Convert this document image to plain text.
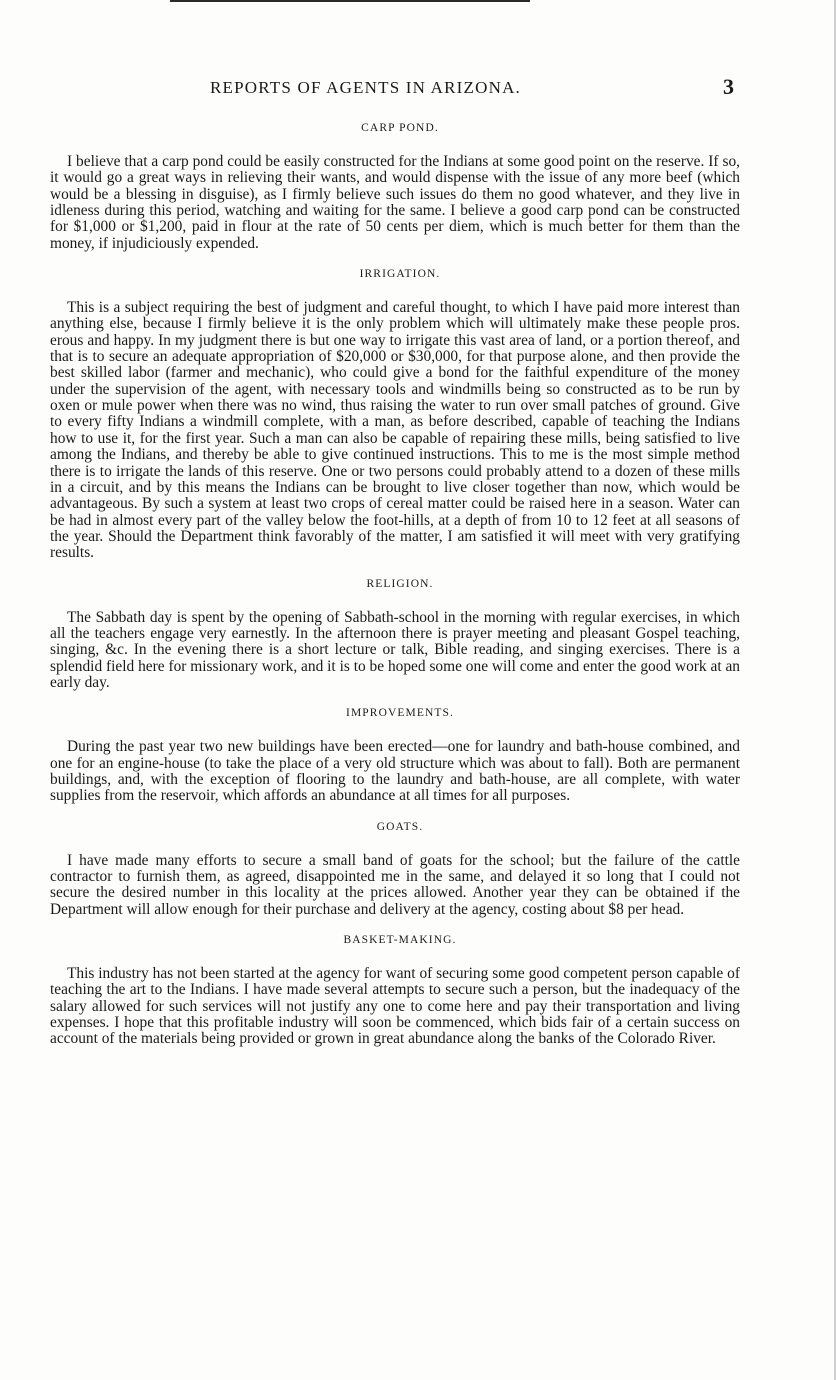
REPORTS OF AGENTS IN ARIZONA.	3
CARP POND.

I believe that a carp pond could be easily constructed for the Indians at some good point on the reserve. If so, it would go a great ways in relieving their wants, and would dispense with the issue of any more beef (which would be a blessing in disguise), as I firmly believe such issues do them no good whatever, and they live in idleness during this period, watching and waiting for the same. I believe a good carp pond can be constructed for $1,000 or $1,200, paid in flour at the rate of 50 cents per diem, which is much better for them than the money, if injudiciously expended.

IRRIGATION.

This is a subject requiring the best of judgment and careful thought, to which I have paid more interest than anything else, because I firmly believe it is the only problem which will ultimately make these people pros. erous and happy. In my judgment there is but one way to irrigate this vast area of land, or a portion thereof, and that is to secure an adequate appropriation of $20,000 or $30,000, for that purpose alone, and then provide the best skilled labor (farmer and mechanic), who could give a bond for the faithful expenditure of the money under the supervision of the agent, with necessary tools and windmills being so constructed as to be run by oxen or mule power when there was no wind, thus raising the water to run over small patches of ground. Give to every fifty Indians a windmill complete, with a man, as before described, capable of teaching the Indians how to use it, for the first year. Such a man can also be capable of repairing these mills, being satisfied to live among the Indians, and thereby be able to give continued instructions. This to me is the most simple method there is to irrigate the lands of this reserve. One or two persons could probably attend to a dozen of these mills in a circuit, and by this means the Indians can be brought to live closer together than now, which would be advantageous. By such a system at least two crops of cereal matter could be raised here in a season. Water can be had in almost every part of the valley below the foot-hills, at a depth of from 10 to 12 feet at all seasons of the year. Should the Department think favorably of the matter, I am satisfied it will meet with very gratifying results.

RELIGION.

The Sabbath day is spent by the opening of Sabbath-school in the morning with regular exercises, in which all the teachers engage very earnestly. In the afternoon there is prayer meeting and pleasant Gospel teaching, singing, &c. In the evening there is a short lecture or talk, Bible reading, and singing exercises. There is a splendid field here for missionary work, and it is to be hoped some one will come and enter the good work at an early day.

IMPROVEMENTS.

During the past year two new buildings have been erected—one for laundry and bath-house combined, and one for an engine-house (to take the place of a very old structure which was about to fall). Both are permanent buildings, and, with the exception of flooring to the laundry and bath-house, are all complete, with water supplies from the reservoir, which affords an abundance at all times for all purposes.

GOATS.

I have made many efforts to secure a small band of goats for the school; but the failure of the cattle contractor to furnish them, as agreed, disappointed me in the same, and delayed it so long that I could not secure the desired number in this locality at the prices allowed. Another year they can be obtained if the Department will allow enough for their purchase and delivery at the agency, costing about $8 per head.

BASKET-MAKING.

This industry has not been started at the agency for want of securing some good competent person capable of teaching the art to the Indians. I have made several attempts to secure such a person, but the inadequacy of the salary allowed for such services will not justify any one to come here and pay their transportation and living expenses. I hope that this profitable industry will soon be commenced, which bids fair of a certain success on account of the materials being provided or grown in great abundance along the banks of the Colorado River.
